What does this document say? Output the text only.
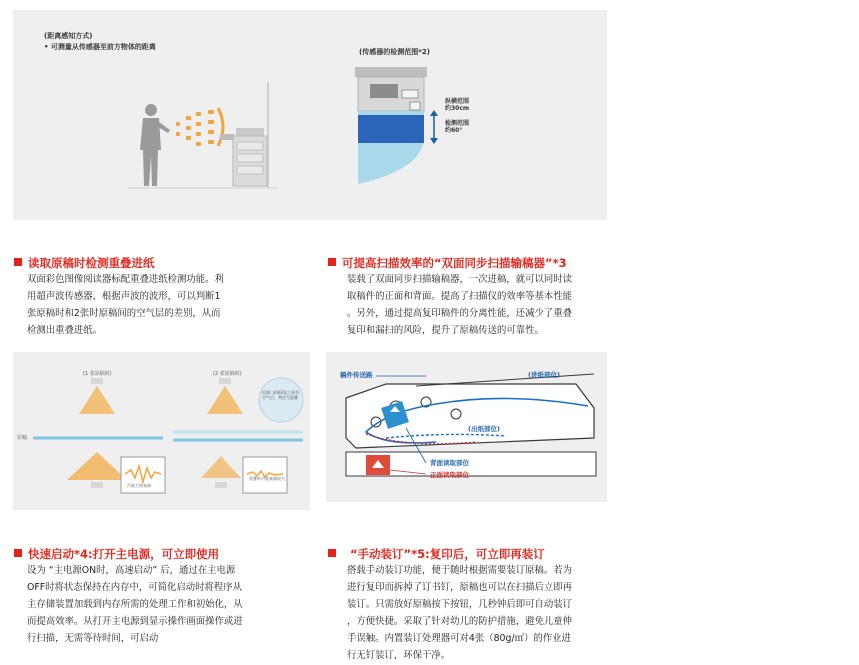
(距离感知方式)
• 可测量从传感器至前方物体的距离
(传感器的检测范围*2)
纵横范围
约30cm
检测范围
约60°
读取原稿时检测重叠进纸
双面彩色图像阅读器标配重叠进纸检测功能。利
用超声波传感器，根据声波的波形，可以判断1
张原稿时和2张时原稿间的空气层的差别，从而
检测出重叠进纸。
(1 张原稿时)	(2 张原稿时)
原稿
检测: 原稿2张之间有空气层，判定为重叠
声波大致衰减
重叠时声波衰减较大
可提高扫描效率的“双面同步扫描输稿器”*3
装载了双面同步扫描输稿器，一次进稿，就可以同时读
取稿件的正面和背面。提高了扫描仪的效率等基本性能
。另外，通过提高复印稿件的分离性能，还减少了重叠
复印和漏扫的风险，提升了原稿传送的可靠性。
稿件传送路	(进纸部位)
(出纸部位)
背面读取部位
正面读取部位
快速启动*4:打开主电源，可立即使用
设为 “主电源ON时，高速启动” 后，通过在主电源
OFF时将状态保持在内存中，可简化启动时将程序从
主存储装置加载到内存所需的处理工作和初始化，从
而提高效率。从打开主电源到显示操作画面操作或进
行扫描，无需等待时间，可启动
“手动装订”*5:复印后，可立即再装订
搭载手动装订功能，便于随时根据需要装订原稿。若为
进行复印而拆掉了订书钉，原稿也可以在扫描后立即再
装订。只需放好原稿按下按钮，几秒钟后即可自动装订
，方便快捷。采取了针对幼儿的防护措施，避免儿童伸
手误触。内置装订处理器可对4张（80g/㎡）的作业进
行无钉装订，环保干净。
